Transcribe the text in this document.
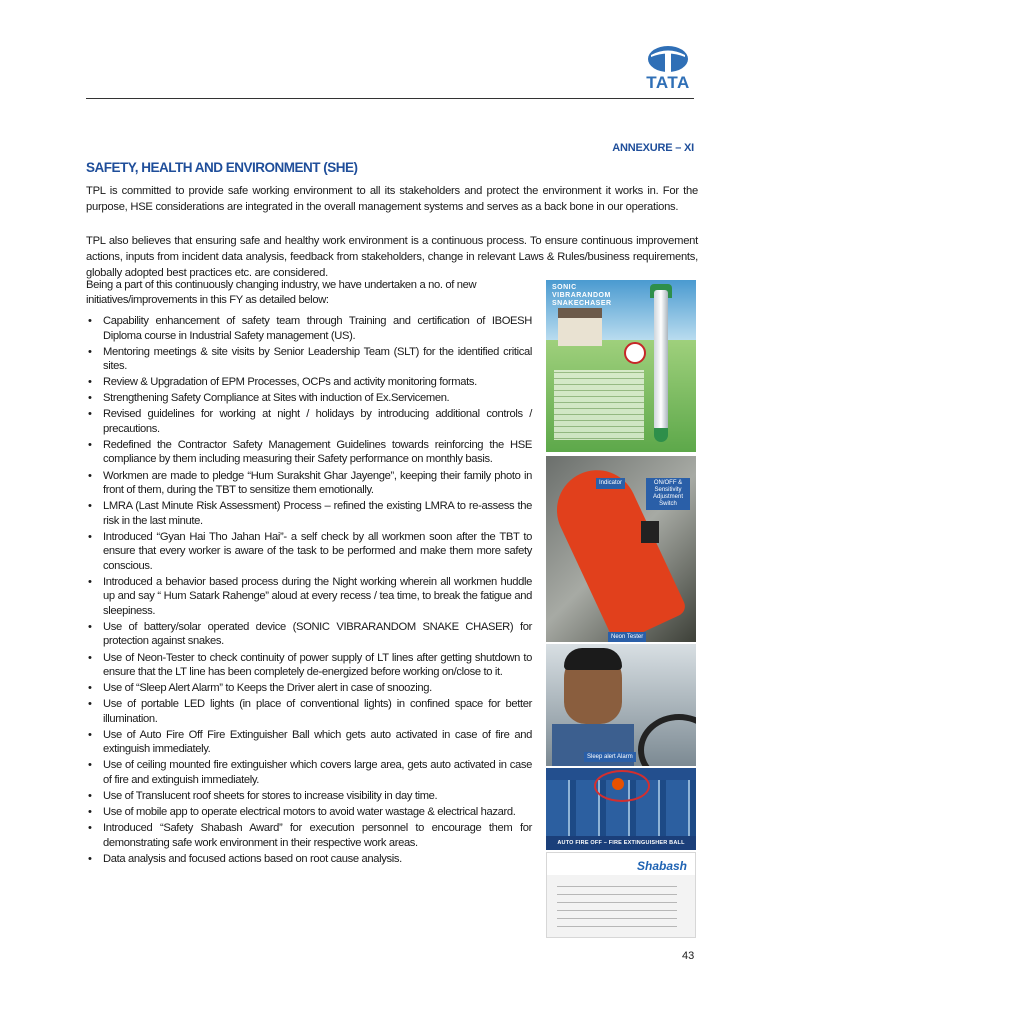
TATA
ANNEXURE – XI
SAFETY, HEALTH AND ENVIRONMENT (SHE)

TPL is committed to provide safe working environment to all its stakeholders and protect the environment it works in. For the purpose, HSE considerations are integrated in the overall management systems and serves as a back bone in our operations.

TPL also believes that ensuring safe and healthy work environment is a continuous process. To ensure continuous improvement actions, inputs from incident data analysis, feedback from stakeholders, change in relevant Laws & Rules/business requirements, globally adopted best practices etc. are considered.

Being a part of this continuously changing industry, we have undertaken a no. of new initiatives/improvements in this FY as detailed below:

• Capability enhancement of safety team through Training and certification of IBOESH Diploma course in Industrial Safety management (US).
• Mentoring meetings & site visits by Senior Leadership Team (SLT) for the identified critical sites.
• Review & Upgradation of EPM Processes, OCPs and activity monitoring formats.
• Strengthening Safety Compliance at Sites with induction of Ex.Servicemen.
• Revised guidelines for working at night / holidays by introducing additional controls / precautions.
• Redefined the Contractor Safety Management Guidelines towards reinforcing the HSE compliance by them including measuring their Safety performance on monthly basis.
• Workmen are made to pledge “Hum Surakshit Ghar Jayenge”, keeping their family photo in front of them, during the TBT to sensitize them emotionally.
• LMRA (Last Minute Risk Assessment) Process – refined the existing LMRA to re-assess the risk in the last minute.
• Introduced “Gyan Hai Tho Jahan Hai”- a self check by all workmen soon after the TBT to ensure that every worker is aware of the task to be performed and make them more safety conscious.
• Introduced a behavior based process during the Night working wherein all workmen huddle up and say “ Hum Satark Rahenge” aloud at every recess / tea time, to break the fatigue and sleepiness.
• Use of battery/solar operated device (SONIC VIBRARANDOM SNAKE CHASER) for protection against snakes.
• Use of Neon-Tester to check continuity of power supply of LT lines after getting shutdown to ensure that the LT line has been completely de-energized before working on/close to it.
• Use of “Sleep Alert Alarm” to Keeps the Driver alert in case of snoozing.
• Use of portable LED lights (in place of conventional lights) in confined space for better illumination.
• Use of Auto Fire Off Fire Extinguisher Ball which gets auto activated in case of fire and extinguish immediately.
• Use of ceiling mounted fire extinguisher which covers large area, gets auto activated in case of fire and extinguish immediately.
• Use of Translucent roof sheets for stores to increase visibility in day time.
• Use of mobile app to operate electrical motors to avoid water wastage & electrical hazard.
• Introduced “Safety Shabash Award” for execution personnel to encourage them for demonstrating safe work environment in their respective work areas.
• Data analysis and focused actions based on root cause analysis.
SONIC
VIBRARANDOM
SNAKECHASER
Indicator	ON/OFF & Sensitivity Adjustment Switch
Neon Tester
Sleep alert Alarm
AUTO FIRE OFF – FIRE EXTINGUISHER BALL
Shabash
43
